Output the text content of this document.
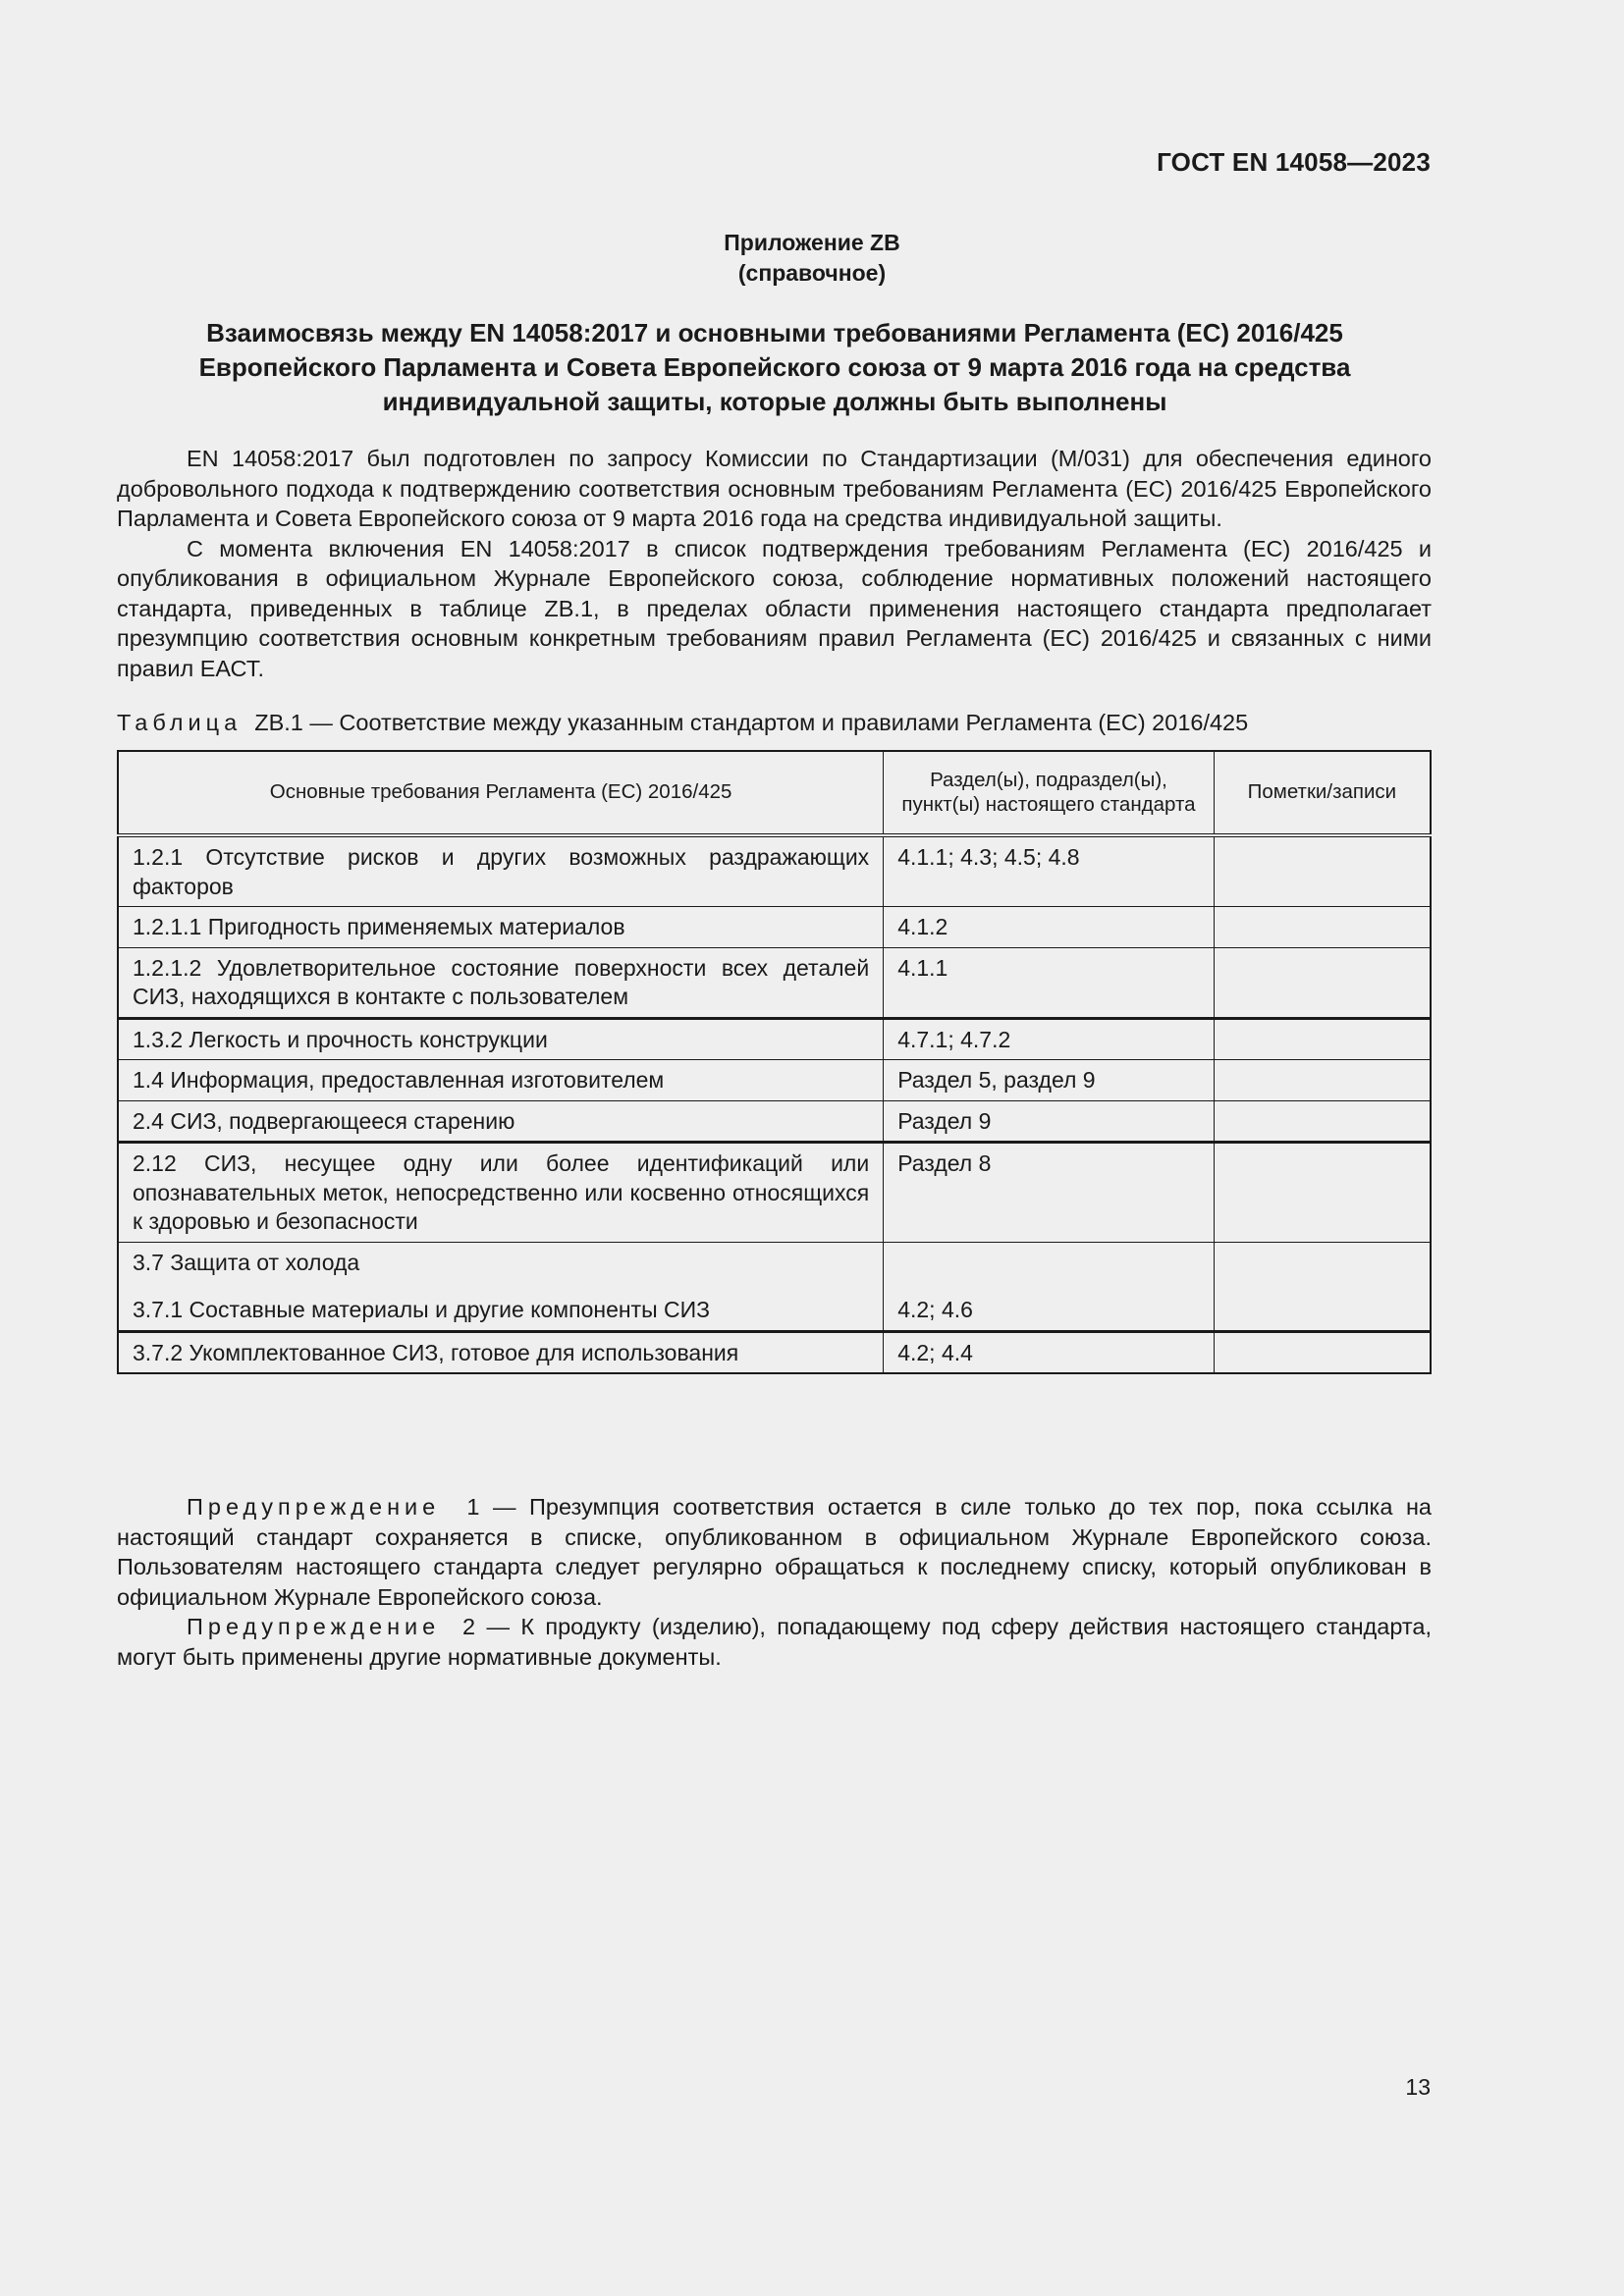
ГОСТ EN 14058—2023
Приложение ZB
(справочное)
Взаимосвязь между EN 14058:2017 и основными требованиями Регламента (ЕС) 2016/425
Европейского Парламента и Совета Европейского союза от 9 марта 2016 года на средства
индивидуальной защиты, которые должны быть выполнены

EN 14058:2017 был подготовлен по запросу Комиссии по Стандартизации (M/031) для обеспечения единого добровольного подхода к подтверждению соответствия основным требованиям Регламента (ЕС) 2016/425 Европейского Парламента и Совета Европейского союза от 9 марта 2016 года на средства индивидуальной защиты.

С момента включения EN 14058:2017 в список подтверждения требованиям Регламента (ЕС) 2016/425 и опубликования в официальном Журнале Европейского союза, соблюдение нормативных положений настоящего стандарта, приведенных в таблице ZB.1, в пределах области применения настоящего стандарта предполагает презумпцию соответствия основным конкретным требованиям правил Регламента (ЕС) 2016/425 и связанных с ними правил ЕАСТ.

Таблица ZB.1 — Соответствие между указанным стандартом и правилами Регламента (ЕС) 2016/425
Основные требования Регламента (ЕС) 2016/425	Раздел(ы), подраздел(ы), пункт(ы) настоящего стандарта	Пометки/записи
1.2.1 Отсутствие рисков и других возможных раздражающих факторов	4.1.1; 4.3; 4.5; 4.8	
1.2.1.1 Пригодность применяемых материалов	4.1.2	
1.2.1.2 Удовлетворительное состояние поверхности всех деталей СИЗ, находящихся в контакте с пользователем	4.1.1	
1.3.2 Легкость и прочность конструкции	4.7.1; 4.7.2	
1.4 Информация, предоставленная изготовителем	Раздел 5, раздел 9	
2.4 СИЗ, подвергающееся старению	Раздел 9	
2.12 СИЗ, несущее одну или более идентификаций или опознавательных меток, непосредственно или косвенно относящихся к здоровью и безопасности	Раздел 8	

3.7 Защита от холода
3.7.1 Составные материалы и другие компоненты СИЗ	4.2; 4.6	

3.7.2 Укомплектованное СИЗ, готовое для использования	4.2; 4.4	

Предупреждение 1 — Презумпция соответствия остается в силе только до тех пор, пока ссылка на настоящий стандарт сохраняется в списке, опубликованном в официальном Журнале Европейского союза. Пользователям настоящего стандарта следует регулярно обращаться к последнему списку, который опубликован в официальном Журнале Европейского союза.

Предупреждение 2 — К продукту (изделию), попадающему под сферу действия настоящего стандарта, могут быть применены другие нормативные документы.

13
